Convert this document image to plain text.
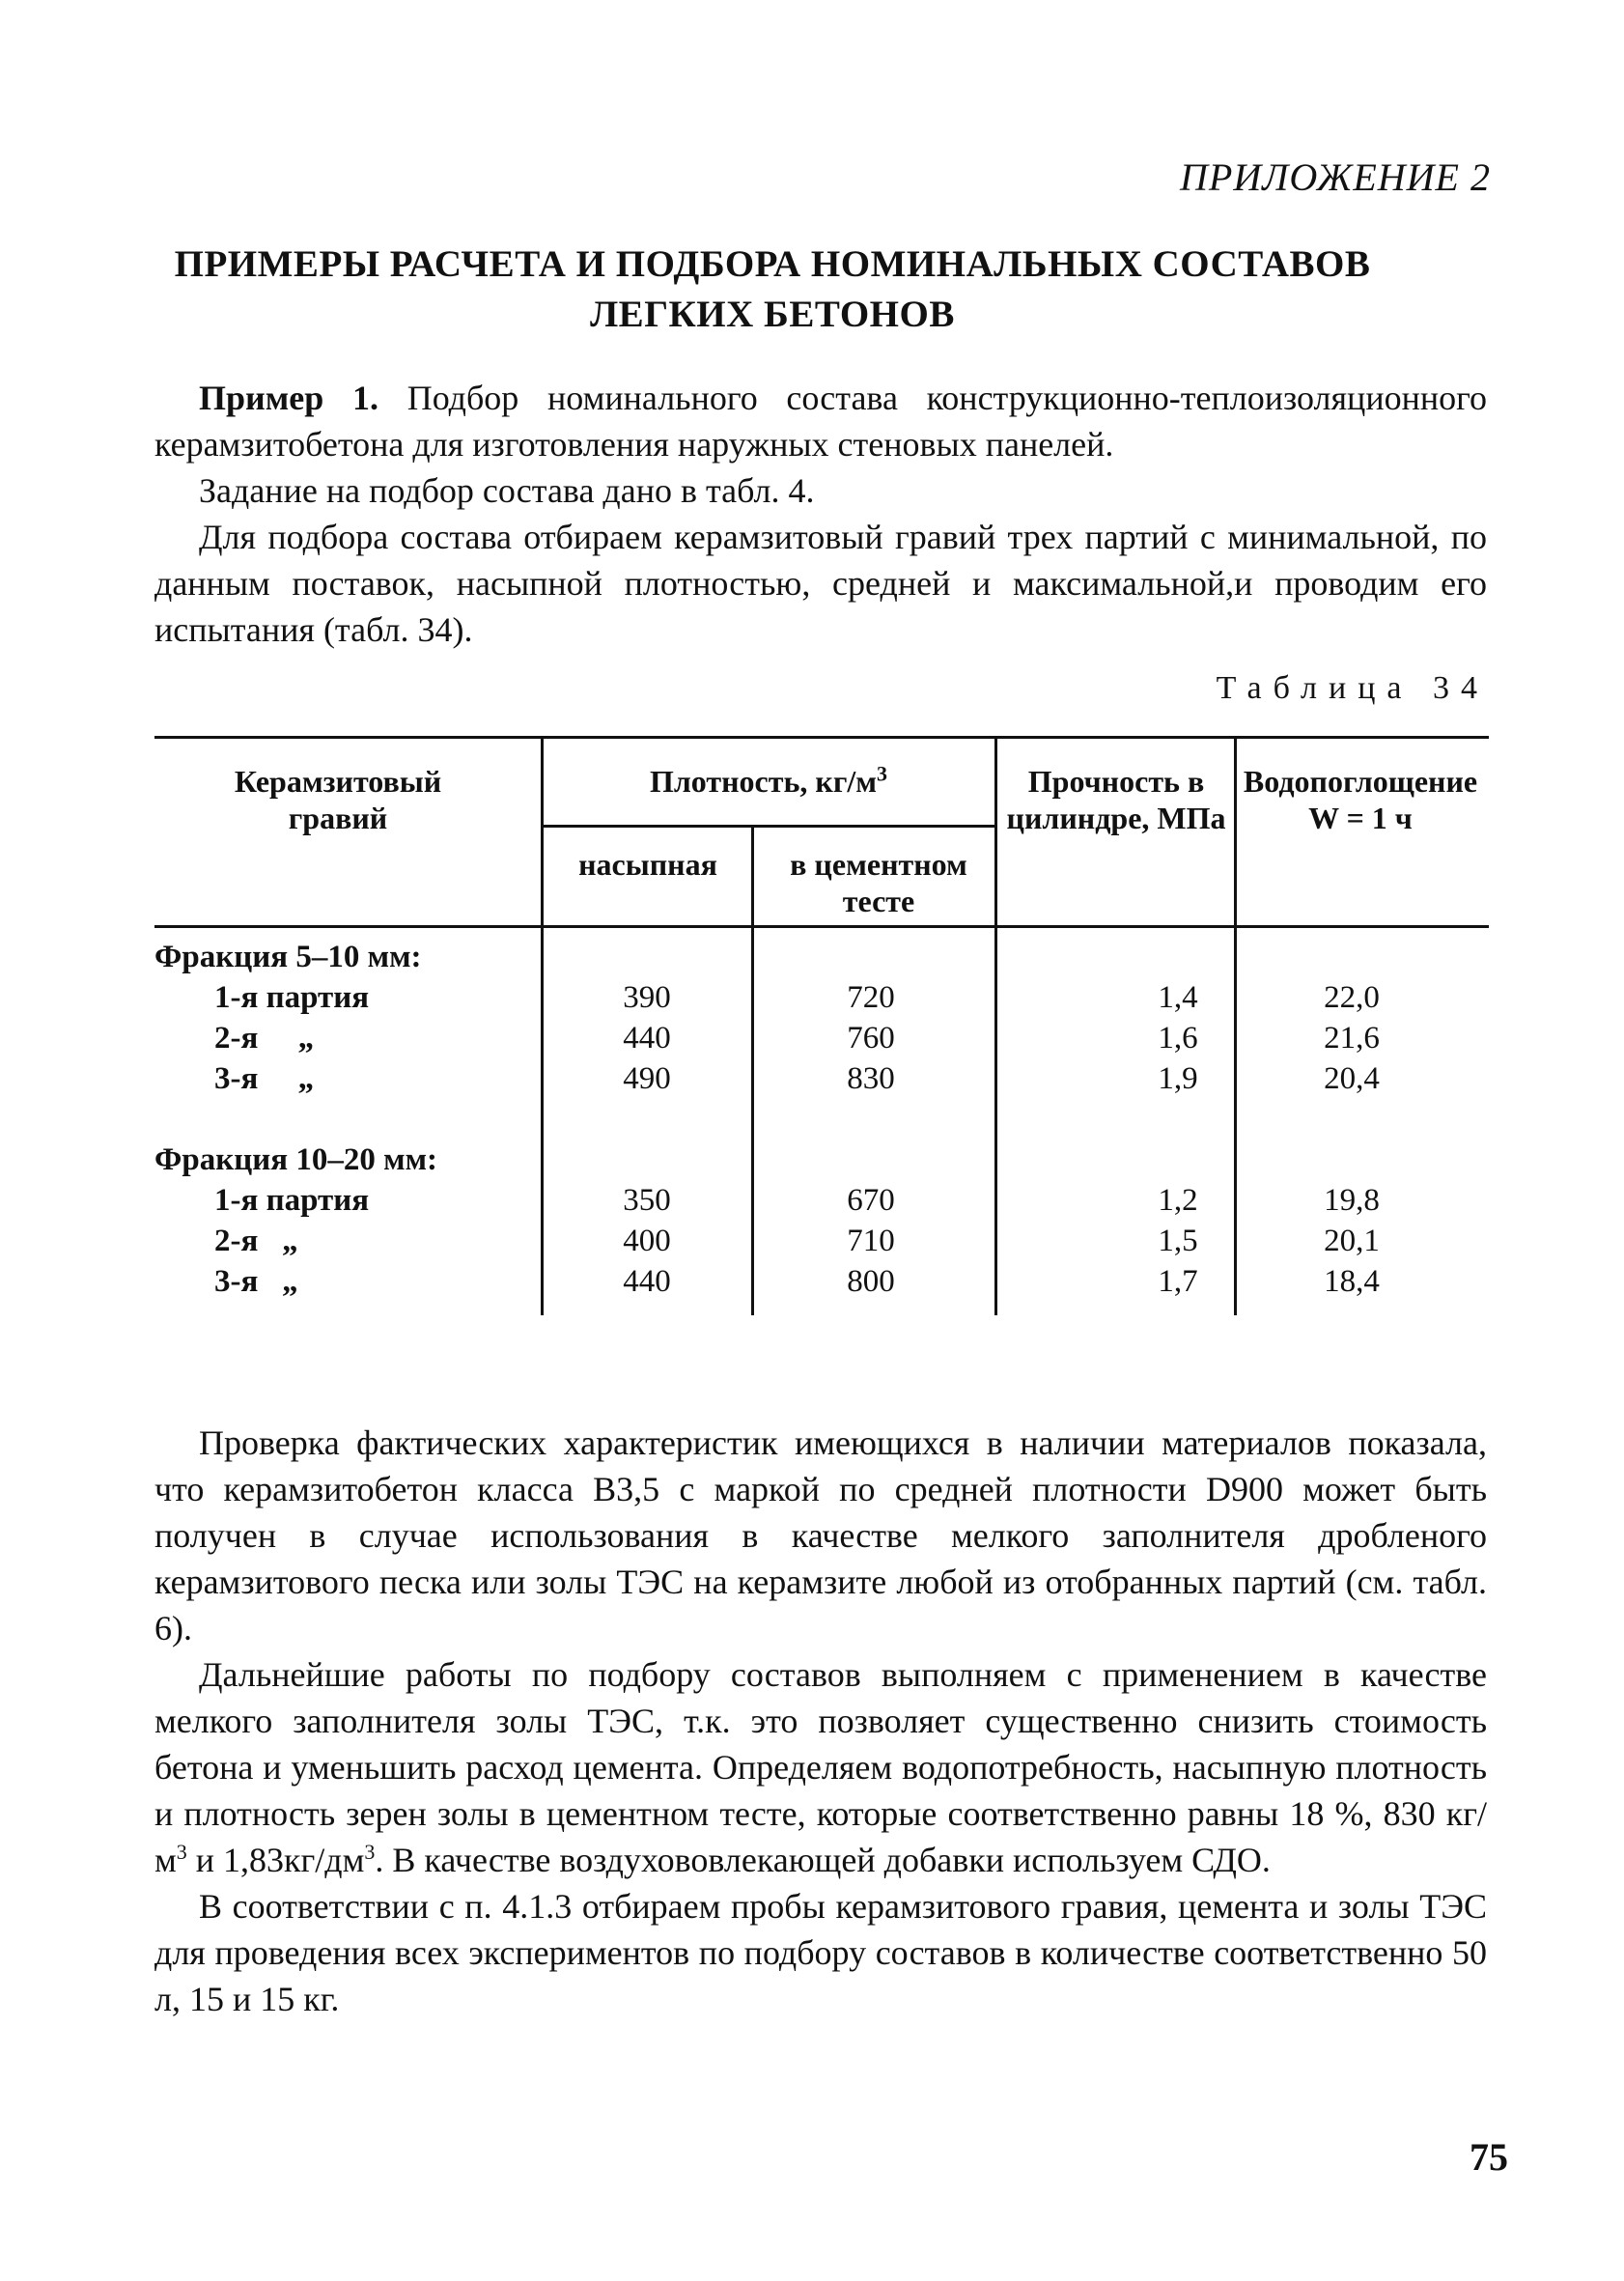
ПРИЛОЖЕНИЕ 2
ПРИМЕРЫ РАСЧЕТА И ПОДБОРА НОМИНАЛЬНЫХ СОСТАВОВ
ЛЕГКИХ БЕТОНОВ

Пример 1. Подбор номинального состава конструкционно-теплоизоляционного керамзитобетона для изготовления наружных стеновых панелей.

Задание на подбор состава дано в табл. 4.

Для подбора состава отбираем керамзитовый гравий трех партий с минимальной, по данным поставок, насыпной плотностью, средней и максимальной,и проводим его испытания (табл. 34).

Таблица 34
Керамзитовый гравий
Плотность, $кг/м^3$
насыпная	в цементном тесте
Прочность в цилиндре, МПа
Водопоглощение W = 1 ч
Фракция 5–10 мм:
1-я партия
2-я     „
3-я     „
390
440
490
720
760
830
1,4
1,6
1,9
22,0
21,6
20,4
Фракция 10–20 мм:
1-я партия
2-я   „
3-я   „
350
400
440
670
710
800
1,2
1,5
1,7
19,8
20,1
18,4

Проверка фактических характеристик имеющихся в наличии материалов показала, что керамзитобетон класса В3,5 с маркой по средней плотности D900 может быть получен в случае использования в качестве мелкого заполнителя дробленого керамзитового песка или золы ТЭС на керамзите любой из отобранных партий (см. табл. 6).

Дальнейшие работы по подбору составов выполняем с применением в качестве мелкого заполнителя золы ТЭС, т.к. это позволяет существенно снизить стоимость бетона и уменьшить расход цемента. Определяем водопотребность, насыпную плотность и плотность зерен золы в цементном тесте, которые соответственно равны 18 %, 830 $кг/м^3$ и $1,83кг/дм^3$. В качестве воздухововлекающей добавки используем СДО.

В соответствии с п. 4.1.3 отбираем пробы керамзитового гравия, цемента и золы ТЭС для проведения всех экспериментов по подбору составов в количестве соответственно 50 л, 15 и 15 кг.

75
